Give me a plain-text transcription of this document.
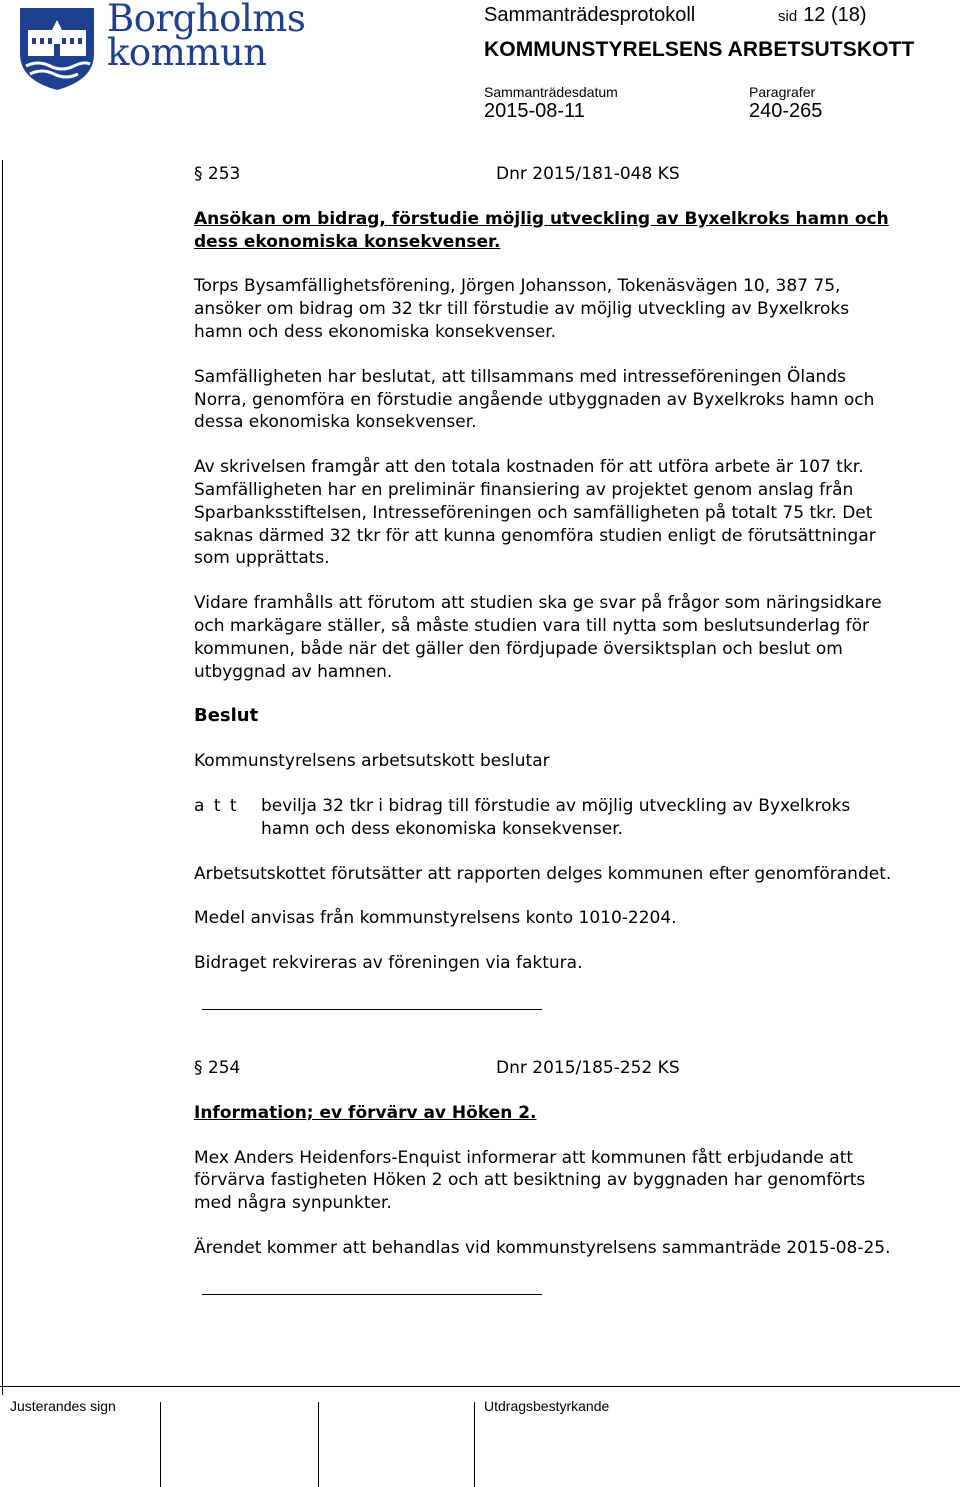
Borgholms
kommun
Sammanträdesprotokoll	sid 12 (18)
KOMMUNSTYRELSENS ARBETSUTSKOTT
Sammanträdesdatum	Paragrafer
2015-08-11	240-265
§ 253	Dnr 2015/181-048 KS

Ansökan om bidrag, förstudie möjlig utveckling av Byxelkroks hamn och dess ekonomiska konsekvenser.

Torps Bysamfällighetsförening, Jörgen Johansson, Tokenäsvägen 10, 387 75, ansöker om bidrag om 32 tkr till förstudie av möjlig utveckling av Byxelkroks hamn och dess ekonomiska konsekvenser.

Samfälligheten har beslutat, att tillsammans med intresseföreningen Ölands Norra, genomföra en förstudie angående utbyggnaden av Byxelkroks hamn och dessa ekonomiska konsekvenser.

Av skrivelsen framgår att den totala kostnaden för att utföra arbete är 107 tkr. Samfälligheten har en preliminär finansiering av projektet genom anslag från Sparbanksstiftelsen, Intresseföreningen och samfälligheten på totalt 75 tkr. Det saknas därmed 32 tkr för att kunna genomföra studien enligt de förutsättningar som upprättats.

Vidare framhålls att förutom att studien ska ge svar på frågor som näringsidkare och markägare ställer, så måste studien vara till nytta som beslutsunderlag för kommunen, både när det gäller den fördjupade översiktsplan och beslut om utbyggnad av hamnen.

Beslut

Kommunstyrelsens arbetsutskott beslutar

a t t	bevilja 32 tkr i bidrag till förstudie av möjlig utveckling av Byxelkroks hamn och dess ekonomiska konsekvenser.

Arbetsutskottet förutsätter att rapporten delges kommunen efter genomförandet.

Medel anvisas från kommunstyrelsens konto 1010-2204.

Bidraget rekvireras av föreningen via faktura.

§ 254	Dnr 2015/185-252 KS

Information; ev förvärv av Höken 2.

Mex Anders Heidenfors-Enquist informerar att kommunen fått erbjudande att förvärva fastigheten Höken 2 och att besiktning av byggnaden har genomförts med några synpunkter.

Ärendet kommer att behandlas vid kommunstyrelsens sammanträde 2015-08-25.

Justerandes sign	Utdragsbestyrkande
